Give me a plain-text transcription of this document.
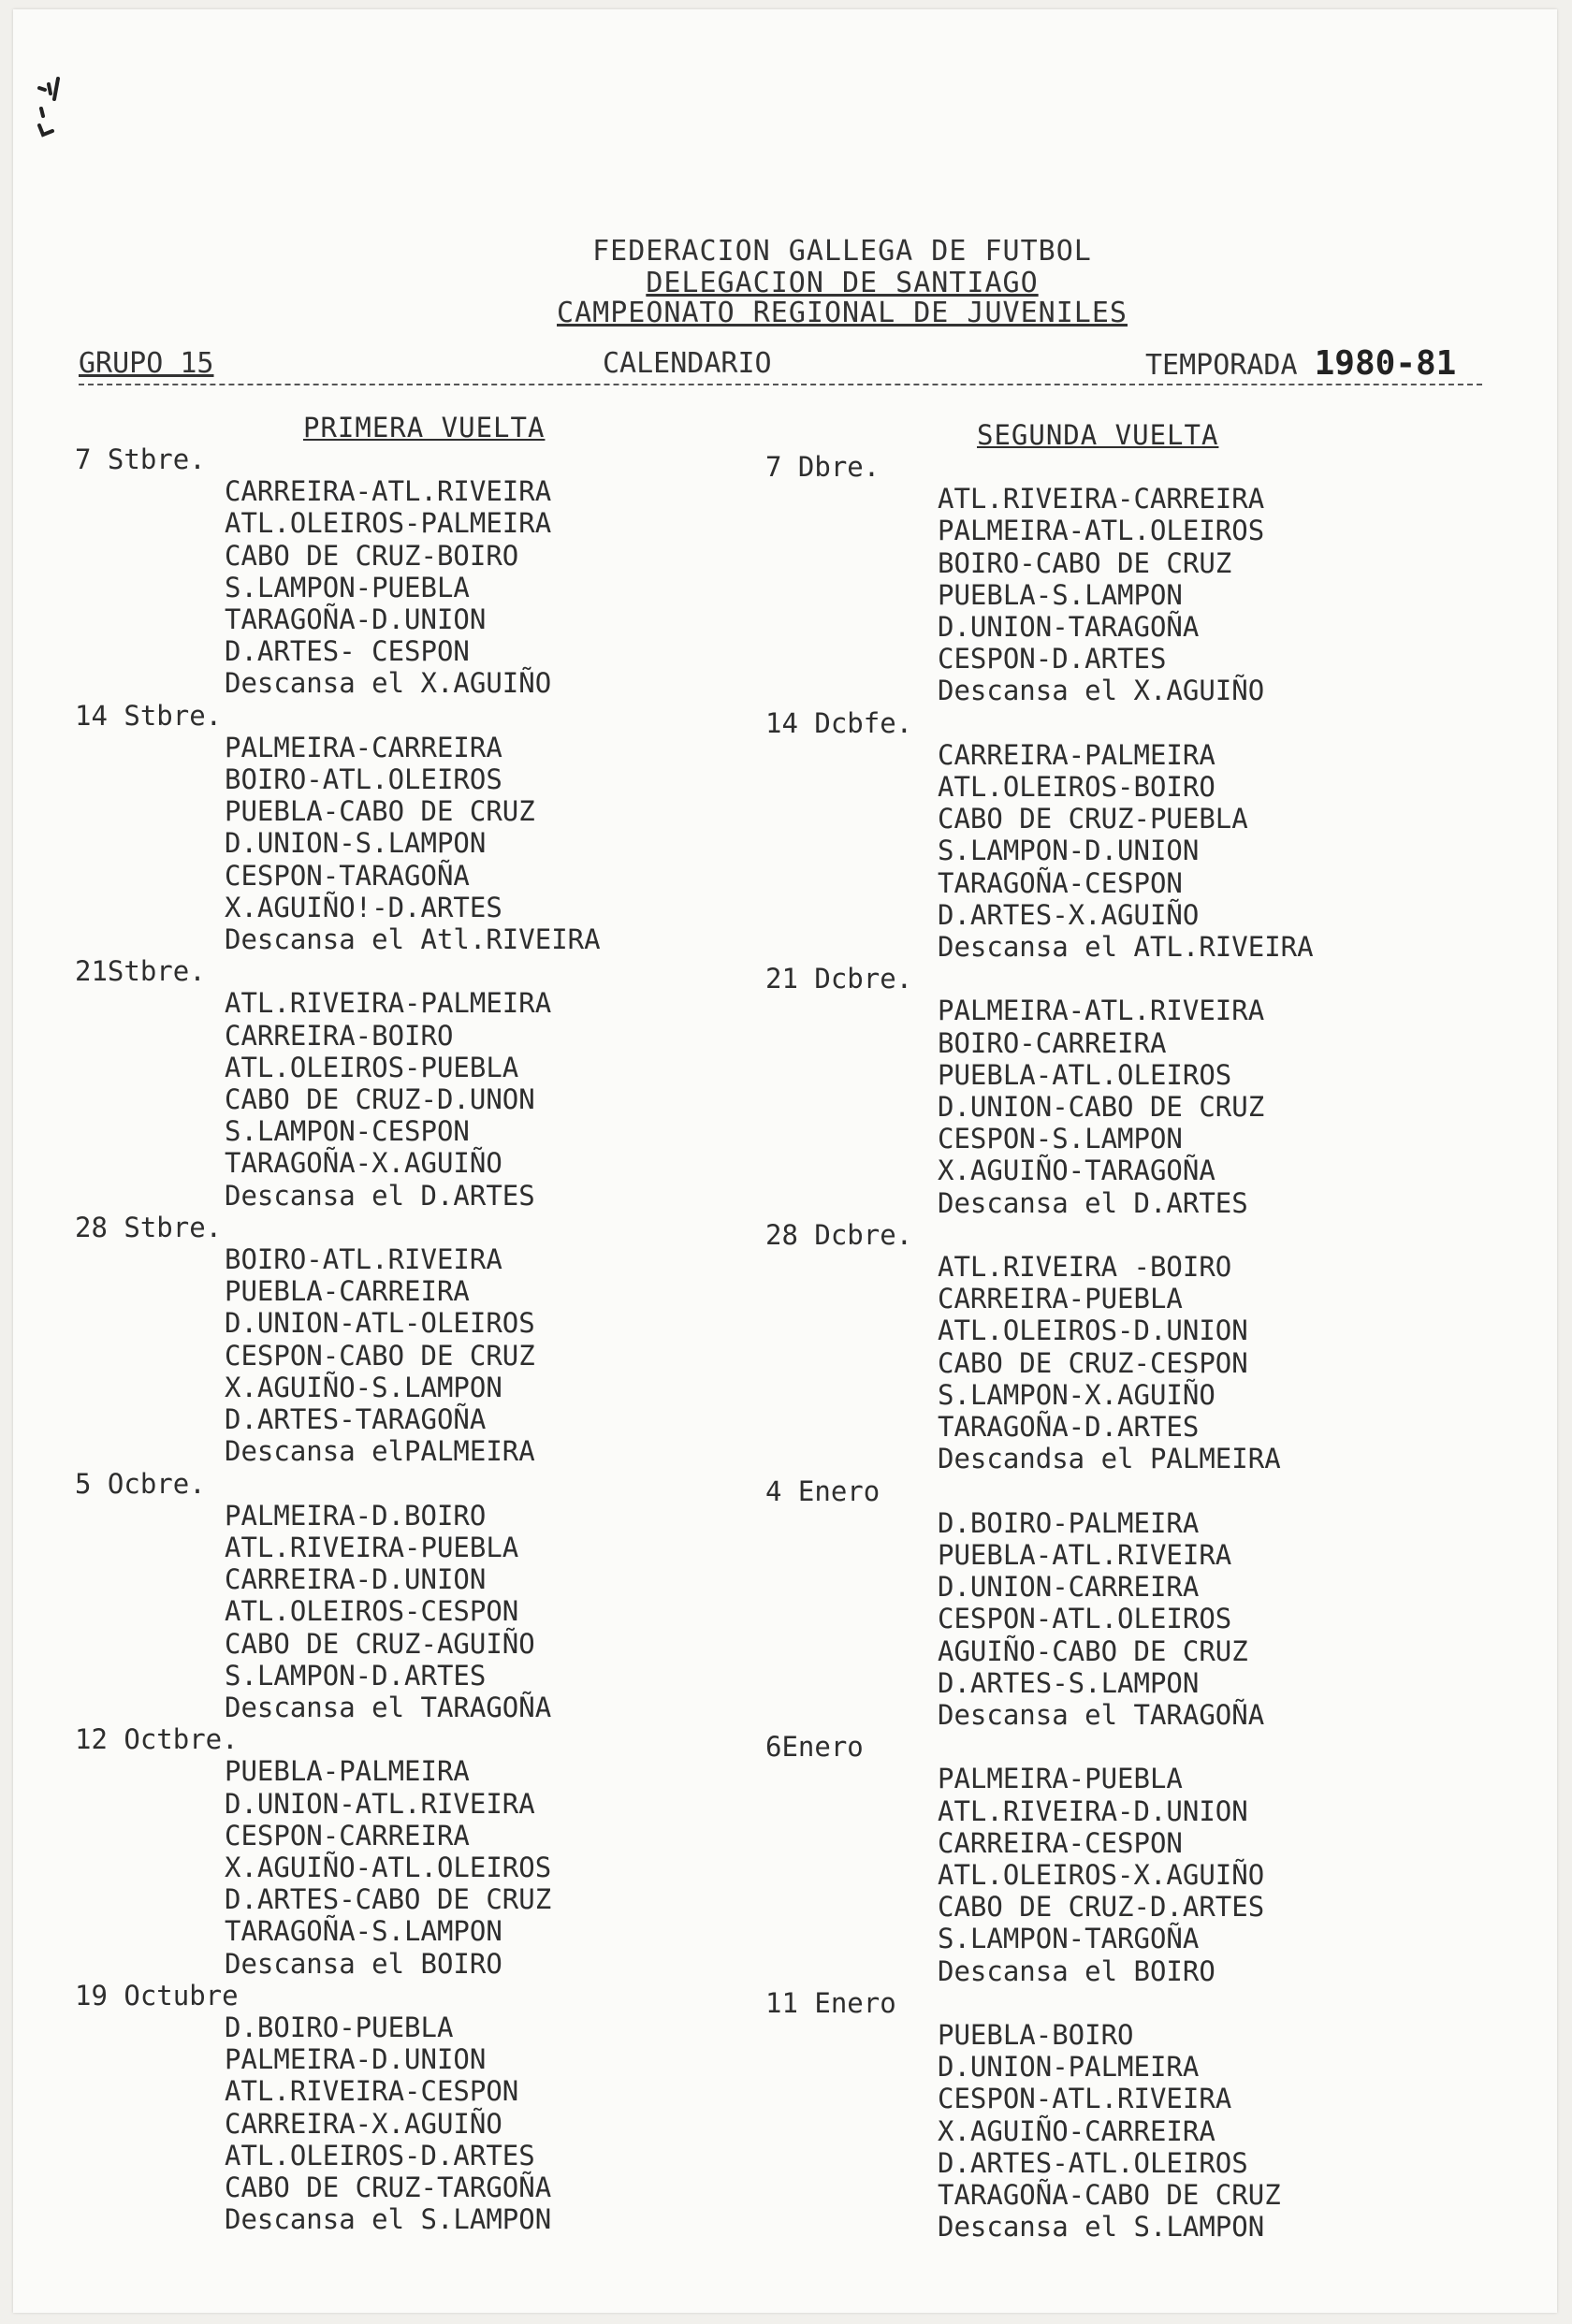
FEDERACION GALLEGA DE FUTBOL
DELEGACION DE SANTIAGO
CAMPEONATO REGIONAL DE JUVENILES
GRUPO 15	CALENDARIO	TEMPORADA 1980-81
PRIMERA VUELTA
7 Stbre.
CARREIRA-ATL.RIVEIRA
ATL.OLEIROS-PALMEIRA
CABO DE CRUZ-BOIRO
S.LAMPON-PUEBLA
TARAGOÑA-D.UNION
D.ARTES- CESPON
Descansa el X.AGUIÑO
14 Stbre.
PALMEIRA-CARREIRA
BOIRO-ATL.OLEIROS
PUEBLA-CABO DE CRUZ
D.UNION-S.LAMPON
CESPON-TARAGOÑA
X.AGUIÑO!-D.ARTES
Descansa el Atl.RIVEIRA
21Stbre.
ATL.RIVEIRA-PALMEIRA
CARREIRA-BOIRO
ATL.OLEIROS-PUEBLA
CABO DE CRUZ-D.UNON
S.LAMPON-CESPON
TARAGOÑA-X.AGUIÑO
Descansa el D.ARTES
28 Stbre.
BOIRO-ATL.RIVEIRA
PUEBLA-CARREIRA
D.UNION-ATL-OLEIROS
CESPON-CABO DE CRUZ
X.AGUIÑO-S.LAMPON
D.ARTES-TARAGOÑA
Descansa elPALMEIRA
5 Ocbre.
PALMEIRA-D.BOIRO
ATL.RIVEIRA-PUEBLA
CARREIRA-D.UNION
ATL.OLEIROS-CESPON
CABO DE CRUZ-AGUIÑO
S.LAMPON-D.ARTES
Descansa el TARAGOÑA
12 Octbre.
PUEBLA-PALMEIRA
D.UNION-ATL.RIVEIRA
CESPON-CARREIRA
X.AGUIÑO-ATL.OLEIROS
D.ARTES-CABO DE CRUZ
TARAGOÑA-S.LAMPON
Descansa el BOIRO
19 Octubre
D.BOIRO-PUEBLA
PALMEIRA-D.UNION
ATL.RIVEIRA-CESPON
CARREIRA-X.AGUIÑO
ATL.OLEIROS-D.ARTES
CABO DE CRUZ-TARGOÑA
Descansa el S.LAMPON
SEGUNDA VUELTA
7 Dbre.
ATL.RIVEIRA-CARREIRA
PALMEIRA-ATL.OLEIROS
BOIRO-CABO DE CRUZ
PUEBLA-S.LAMPON
D.UNION-TARAGOÑA
CESPON-D.ARTES
Descansa el X.AGUIÑO
14 Dcbfe.
CARREIRA-PALMEIRA
ATL.OLEIROS-BOIRO
CABO DE CRUZ-PUEBLA
S.LAMPON-D.UNION
TARAGOÑA-CESPON
D.ARTES-X.AGUIÑO
Descansa el ATL.RIVEIRA
21 Dcbre.
PALMEIRA-ATL.RIVEIRA
BOIRO-CARREIRA
PUEBLA-ATL.OLEIROS
D.UNION-CABO DE CRUZ
CESPON-S.LAMPON
X.AGUIÑO-TARAGOÑA
Descansa el D.ARTES
28 Dcbre.
ATL.RIVEIRA -BOIRO
CARREIRA-PUEBLA
ATL.OLEIROS-D.UNION
CABO DE CRUZ-CESPON
S.LAMPON-X.AGUIÑO
TARAGOÑA-D.ARTES
Descandsa el PALMEIRA
4 Enero
D.BOIRO-PALMEIRA
PUEBLA-ATL.RIVEIRA
D.UNION-CARREIRA
CESPON-ATL.OLEIROS
AGUIÑO-CABO DE CRUZ
D.ARTES-S.LAMPON
Descansa el TARAGOÑA
6Enero
PALMEIRA-PUEBLA
ATL.RIVEIRA-D.UNION
CARREIRA-CESPON
ATL.OLEIROS-X.AGUIÑO
CABO DE CRUZ-D.ARTES
S.LAMPON-TARGOÑA
Descansa el BOIRO
11 Enero
PUEBLA-BOIRO
D.UNION-PALMEIRA
CESPON-ATL.RIVEIRA
X.AGUIÑO-CARREIRA
D.ARTES-ATL.OLEIROS
TARAGOÑA-CABO DE CRUZ
Descansa el S.LAMPON
